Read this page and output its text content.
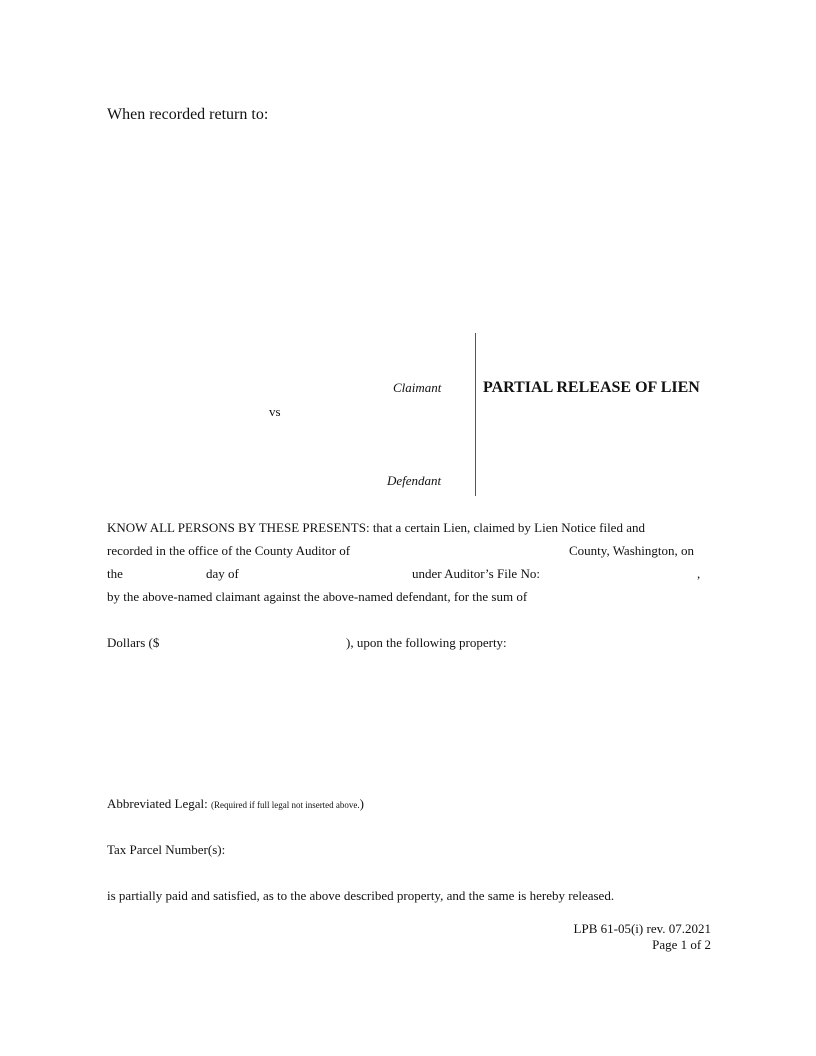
When recorded return to:
Claimant
vs
Defendant
PARTIAL RELEASE OF LIEN
KNOW ALL PERSONS BY THESE PRESENTS: that a certain Lien, claimed by Lien Notice filed and
recorded in the office of the County Auditor of	County, Washington, on
the	day of	under Auditor’s File No:	,
by the above-named claimant against the above-named defendant, for the sum of
Dollars ($	), upon the following property:
Abbreviated Legal: (Required if full legal not inserted above.)
Tax Parcel Number(s):
is partially paid and satisfied, as to the above described property, and the same is hereby released.
LPB 61-05(i) rev. 07.2021
Page 1 of 2
